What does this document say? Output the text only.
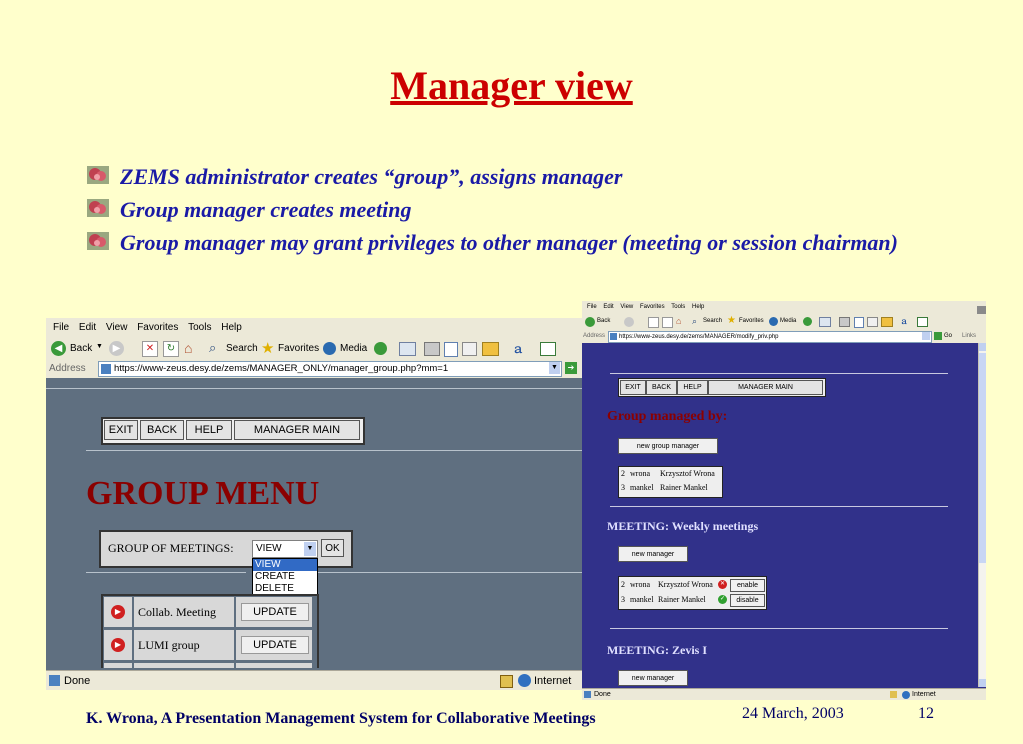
Manager view
ZEMS administrator creates “group”, assigns manager
Group manager creates meeting
Group manager may grant privileges to other manager (meeting or session chairman)
File Edit View Favorites Tools Help
◀ Back ▼ ▶	✕	↻ ⌂ ⌕ Search ★ Favorites Media	ａ
Address	https://www-zeus.desy.de/zems/MANAGER_ONLY/manager_group.php?mm=1	▼	➔
EXIT	BACK	HELP	MANAGER MAIN
GROUP MENU
GROUP OF MEETINGS: VIEW	▼	OK
VIEW
CREATE
DELETE
▶	Collab. Meeting	UPDATE
▶	LUMI group	UPDATE
Done	Internet
File Edit View Favorites Tools Help
Back	⌂ ⌕ Search ★ Favorites	Media	ａ
Address	https://www-zeus.desy.de/zems/MANAGER/modify_priv.php	Go Links
EXIT	BACK	HELP	MANAGER MAIN
Group managed by:
new group manager
2 wrona Krzysztof Wrona
3 mankel Rainer Mankel
MEETING: Weekly meetings
new manager
2 wrona Krzysztof Wrona	✕	enable
3 mankel Rainer Mankel	✓	disable
MEETING: Zevis I
new manager
Done	Internet
K. Wrona, A Presentation Management System for Collaborative Meetings	24 March, 2003	12
